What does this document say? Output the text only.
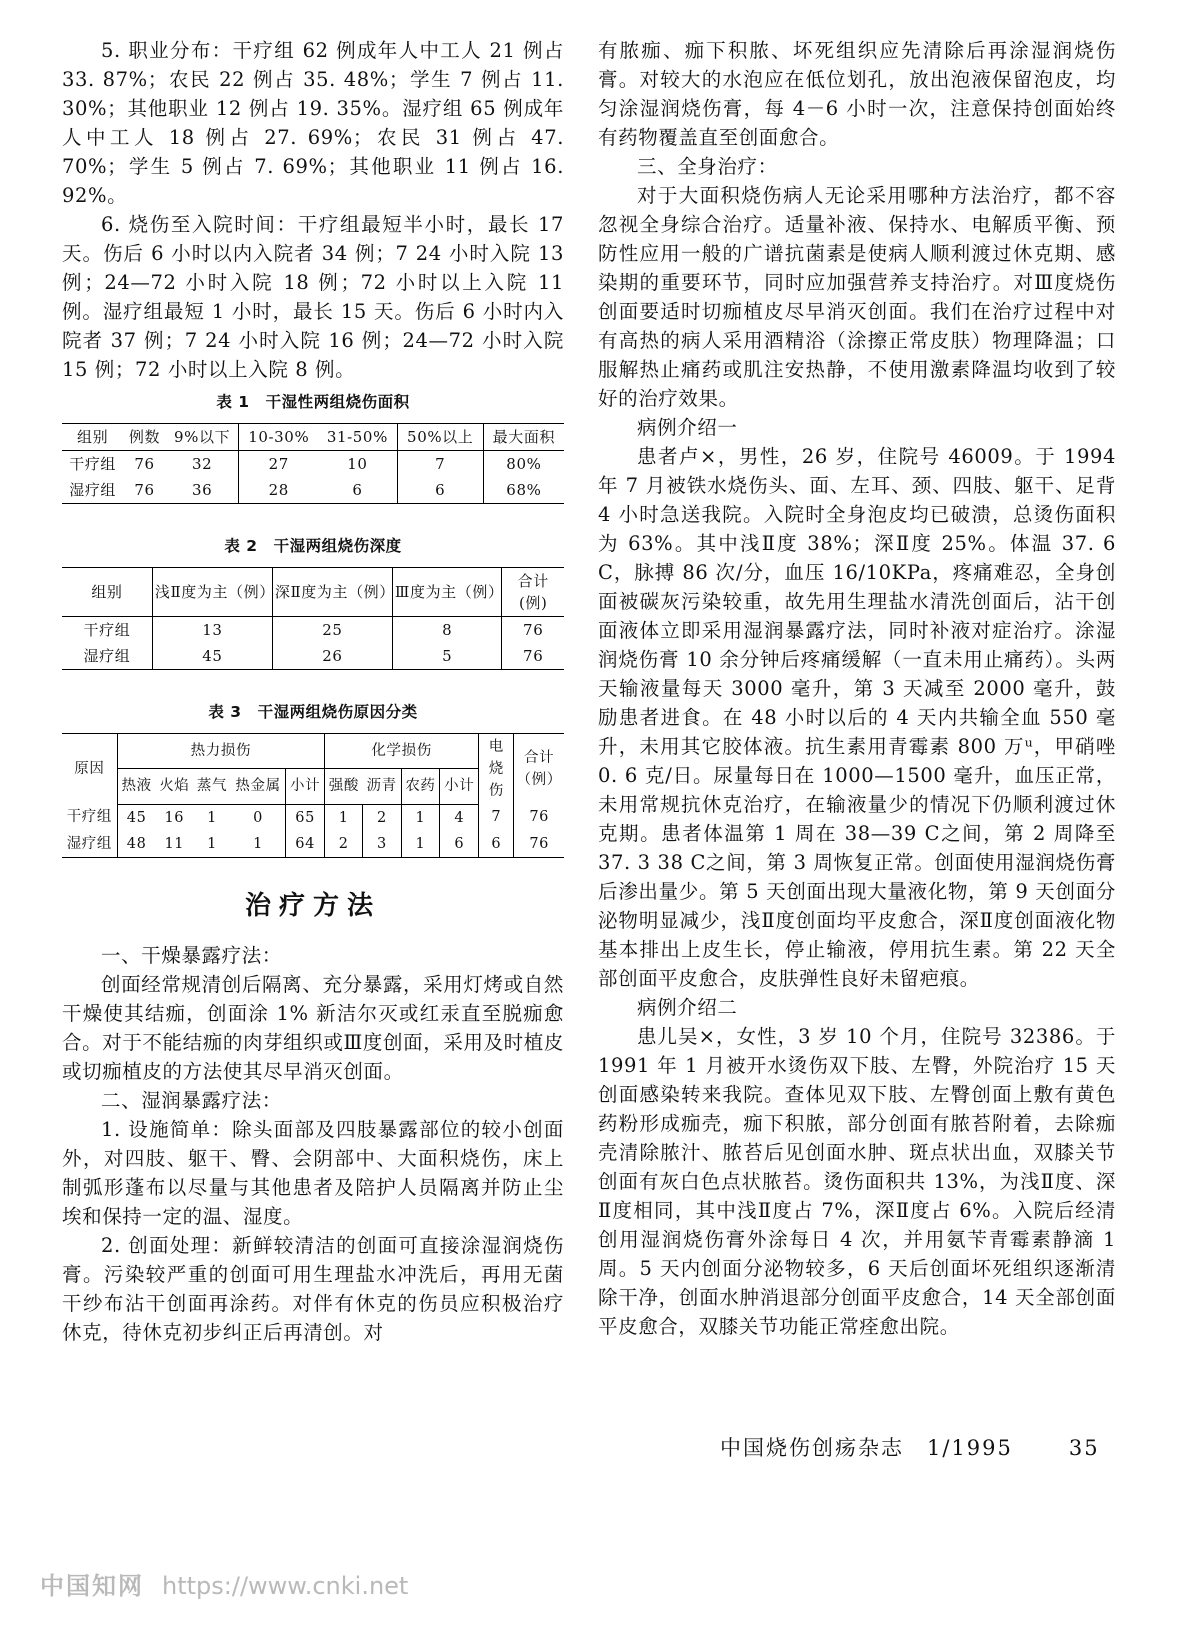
5. 职业分布：干疗组 62 例成年人中工人 21 例占 33. 87%；农民 22 例占 35. 48%；学生 7 例占 11. 30%；其他职业 12 例占 19. 35%。湿疗组 65 例成年人中工人 18 例占 27. 69%；农民 31 例占 47. 70%；学生 5 例占 7. 69%；其他职业 11 例占 16. 92%。

6. 烧伤至入院时间：干疗组最短半小时，最长 17 天。伤后 6 小时以内入院者 34 例；7 24 小时入院 13 例；24—72 小时入院 18 例；72 小时以上入院 11 例。湿疗组最短 1 小时，最长 15 天。伤后 6 小时内入院者 37 例；7 24 小时入院 16 例；24—72 小时入院 15 例；72 小时以上入院 8 例。

表 1　干湿性两组烧伤面积
组别	例数	9%以下	10-30%	31-50%	50%以上	最大面积
干疗组	76	32	27	10	7	80%
湿疗组	76	36	28	6	6	68%
表 2　干湿两组烧伤深度
组别	浅Ⅱ度为主（例）	深Ⅱ度为主（例）	Ⅲ度为主（例）	合计(例)
干疗组	13	25	8	76
湿疗组	45	26	5	76
表 3　干湿两组烧伤原因分类
原因	热力损伤					化学损伤				电烧伤	合计（例）
	热液	火焰	蒸气	热金属	小计	强酸	沥青	农药	小计		
干疗组	45	16	1	0	65	1	2	1	4	7	76
湿疗组	48	11	1	1	64	2	3	1	6	6	76
治疗方法

一、干燥暴露疗法：

创面经常规清创后隔离、充分暴露，采用灯烤或自然干燥使其结痂，创面涂 1% 新洁尔灭或红汞直至脱痂愈合。对于不能结痂的肉芽组织或Ⅲ度创面，采用及时植皮或切痂植皮的方法使其尽早消灭创面。

二、湿润暴露疗法：

1. 设施简单：除头面部及四肢暴露部位的较小创面外，对四肢、躯干、臀、会阴部中、大面积烧伤，床上制弧形蓬布以尽量与其他患者及陪护人员隔离并防止尘埃和保持一定的温、湿度。

2. 创面处理：新鲜较清洁的创面可直接涂湿润烧伤膏。污染较严重的创面可用生理盐水冲洗后，再用无菌干纱布沾干创面再涂药。对伴有休克的伤员应积极治疗休克，待休克初步纠正后再清创。对

有脓痂、痂下积脓、坏死组织应先清除后再涂湿润烧伤膏。对较大的水泡应在低位划孔，放出泡液保留泡皮，均匀涂湿润烧伤膏，每 4－6 小时一次，注意保持创面始终有药物覆盖直至创面愈合。

三、全身治疗：

对于大面积烧伤病人无论采用哪种方法治疗，都不容忽视全身综合治疗。适量补液、保持水、电解质平衡、预防性应用一般的广谱抗菌素是使病人顺利渡过休克期、感染期的重要环节，同时应加强营养支持治疗。对Ⅲ度烧伤创面要适时切痂植皮尽早消灭创面。我们在治疗过程中对有高热的病人采用酒精浴（涂擦正常皮肤）物理降温；口服解热止痛药或肌注安热静，不使用激素降温均收到了较好的治疗效果。

病例介绍一

患者卢×，男性，26 岁，住院号 46009。于 1994 年 7 月被铁水烧伤头、面、左耳、颈、四肢、躯干、足背 4 小时急送我院。入院时全身泡皮均已破溃，总烫伤面积为 63%。其中浅Ⅱ度 38%；深Ⅱ度 25%。体温 37. 6 C，脉搏 86 次/分，血压 16/10KPa，疼痛难忍，全身创面被碳灰污染较重，故先用生理盐水清洗创面后，沾干创面液体立即采用湿润暴露疗法，同时补液对症治疗。涂湿润烧伤膏 10 余分钟后疼痛缓解（一直未用止痛药）。头两天输液量每天 3000 毫升，第 3 天减至 2000 毫升，鼓励患者进食。在 48 小时以后的 4 天内共输全血 550 毫升，未用其它胶体液。抗生素用青霉素 800 万ᵘ，甲硝唑 0. 6 克/日。尿量每日在 1000—1500 毫升，血压正常，未用常规抗休克治疗，在输液量少的情况下仍顺利渡过休克期。患者体温第 1 周在 38—39 C之间，第 2 周降至 37. 3 38 C之间，第 3 周恢复正常。创面使用湿润烧伤膏后渗出量少。第 5 天创面出现大量液化物，第 9 天创面分泌物明显减少，浅Ⅱ度创面均平皮愈合，深Ⅱ度创面液化物基本排出上皮生长，停止输液，停用抗生素。第 22 天全部创面平皮愈合，皮肤弹性良好未留疤痕。

病例介绍二

患儿吴×，女性，3 岁 10 个月，住院号 32386。于 1991 年 1 月被开水烫伤双下肢、左臀，外院治疗 15 天创面感染转来我院。查体见双下肢、左臀创面上敷有黄色药粉形成痂壳，痂下积脓，部分创面有脓苔附着，去除痂壳清除脓汁、脓苔后见创面水肿、斑点状出血，双膝关节创面有灰白色点状脓苔。烫伤面积共 13%，为浅Ⅱ度、深Ⅱ度相同，其中浅Ⅱ度占 7%，深Ⅱ度占 6%。入院后经清创用湿润烧伤膏外涂每日 4 次，并用氨苄青霉素静滴 1 周。5 天内创面分泌物较多，6 天后创面坏死组织逐渐清除干净，创面水肿消退部分创面平皮愈合，14 天全部创面平皮愈合，双膝关节功能正常痊愈出院。

中国烧伤创疡杂志　1/1995	35
中国知网 https://www.cnki.net
